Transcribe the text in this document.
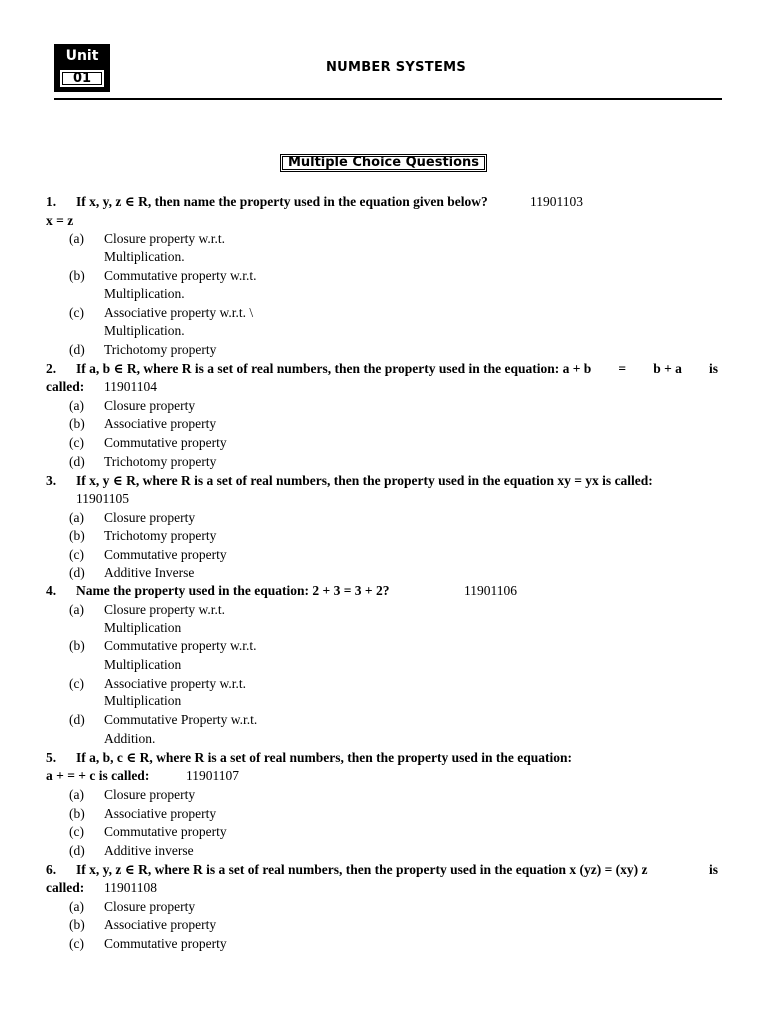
Unit
01
NUMBER SYSTEMS
Multiple Choice Questions
1. If x, y, z ∈ R, then name the property used in the equation given below?	11901103
x = z
(a) Closure property w.r.t.
Multiplication.
(b) Commutative property w.r.t.
Multiplication.
(c) Associative property w.r.t. \
Multiplication.
(d) Trichotomy property
2. If a, b ∈ R, where R is a set of real numbers, then the property used in the equation: a + b = b + a is
called: 11901104
(a) Closure property
(b) Associative property
(c) Commutative property
(d) Trichotomy property
3. If x, y ∈ R, where R is a set of real numbers, then the property used in the equation xy = yx is called:
11901105
(a) Closure property
(b) Trichotomy property
(c) Commutative property
(d) Additive Inverse
4. Name the property used in the equation: 2 + 3 = 3 + 2?	11901106
(a) Closure property w.r.t.
Multiplication
(b) Commutative property w.r.t.
Multiplication
(c) Associative property w.r.t.
Multiplication
(d) Commutative Property w.r.t.
Addition.
5. If a, b, c ∈ R, where R is a set of real numbers, then the property used in the equation:
a + = + c is called:	11901107
(a) Closure property
(b) Associative property
(c) Commutative property
(d) Additive inverse
6. If x, y, z ∈ R, where R is a set of real numbers, then the property used in the equation x (yz) = (xy) z	is
called: 11901108
(a) Closure property
(b) Associative property
(c) Commutative property
